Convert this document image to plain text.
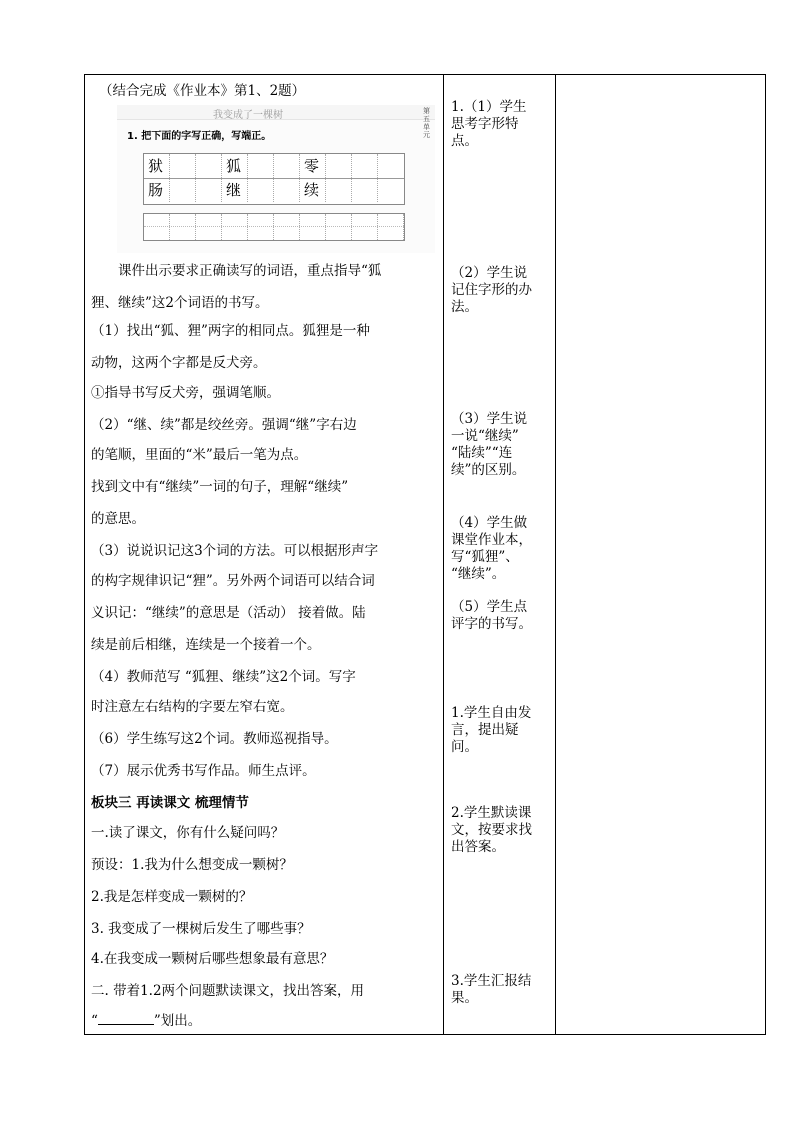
（结合完成《作业本》第1、2题）
我变成了一棵树	第五单元
1. 把下面的字写正确，写端正。
狱	狐	零
肠	继	续
　　课件出示要求正确读写的词语，重点指导“狐
狸、继续”这2个词语的书写。
（1）找出“狐、狸”两字的相同点。狐狸是一种
动物，这两个字都是反犬旁。
①指导书写反犬旁，强调笔顺。
（2）“继、续”都是绞丝旁。强调“继”字右边
的笔顺，里面的“米”最后一笔为点。
找到文中有“继续”一词的句子，理解“继续”
的意思。
（3）说说识记这3个词的方法。可以根据形声字
的构字规律识记“狸”。另外两个词语可以结合词
义识记：“继续”的意思是（活动） 接着做。陆
续是前后相继，连续是一个接着一个。
（4）教师范写 “狐狸、继续”这2个词。写字
时注意左右结构的字要左窄右宽。
（6）学生练写这2个词。教师巡视指导。
（7）展示优秀书写作品。师生点评。
板块三 再读课文 梳理情节
一.读了课文，你有什么疑问吗？
预设：1.我为什么想变成一颗树？
2.我是怎样变成一颗树的？
3. 我变成了一棵树后发生了哪些事？
4.在我变成一颗树后哪些想象最有意思？
二. 带着1.2两个问题默读课文，找出答案，用
“	”划出。
1.（1）学生
思考字形特
点。
（2）学生说
记住字形的办
法。
（3）学生说
一说“继续”
“陆续”“连
续”的区别。
（4）学生做
课堂作业本，
写“狐狸”、
“继续”。
（5）学生点
评字的书写。
1.学生自由发
言，提出疑
问。
2.学生默读课
文，按要求找
出答案。
3.学生汇报结
果。
